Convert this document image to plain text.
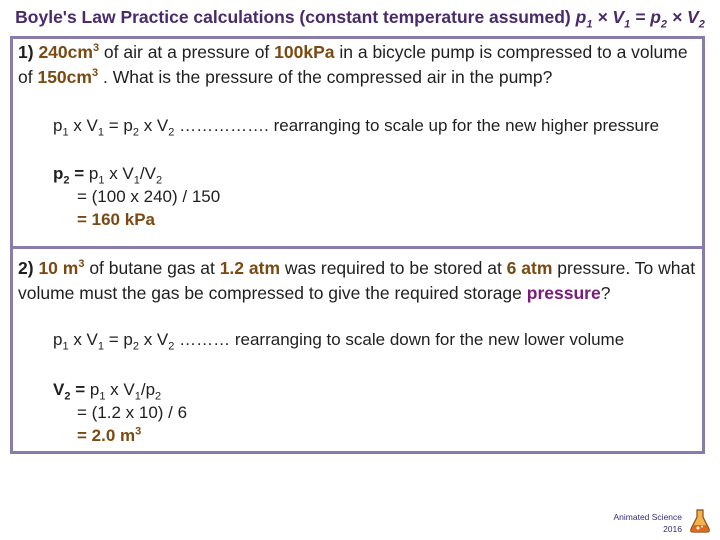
Boyle's Law Practice calculations (constant temperature assumed) $p_1 \times V_1 = p_2 \times V_2$
1) $240cm^3$ of air at a pressure of 100kPa in a bicycle pump is compressed to a volume of $150cm^3$ . What is the pressure of the compressed air in the pump?
$p_1$ x $V_1 = p_2$ x $V_2$ ……………. rearranging to scale up for the new higher pressure
$p_2 = p_1$ x $V_1/V_2$
= (100 x 240) / 150
= 160 kPa
2) 10 $m^3$ of butane gas at 1.2 atm was required to be stored at 6 atm pressure. To what volume must the gas be compressed to give the required storage pressure?
$p_1$ x $V_1 = p_2$ x $V_2$ ……… rearranging to scale down for the new lower volume
$V_2 = p_1$ x $V_1/p_2$
= (1.2 x 10) / 6
= 2.0 $m^3$
Animated Science
2016
